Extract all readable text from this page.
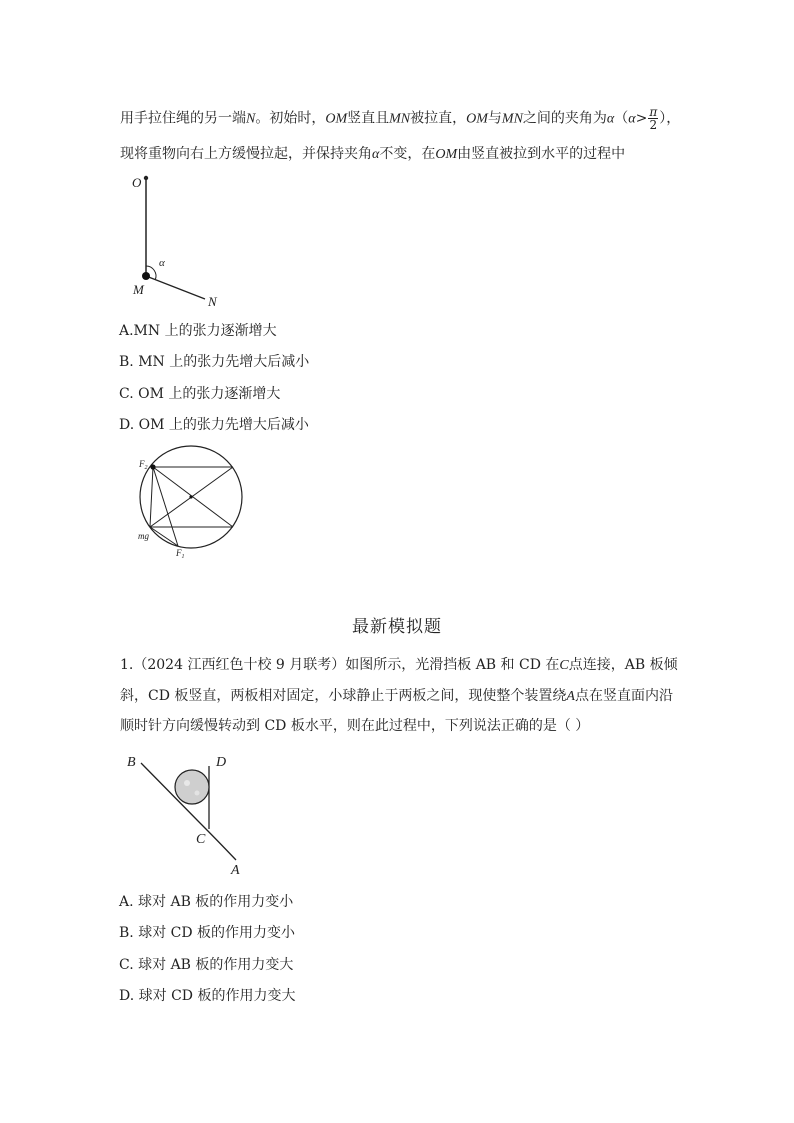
用手拉住绳的另一端N。初始时，OM竖直且MN被拉直，OM与MN之间的夹角为$\alpha(\alpha> \frac{\pi}{2}$ ），
现将重物向右上方缓慢拉起，并保持夹角α不变，在OM由竖直被拉到水平的过程中
O
M
N
α
A.MN 上的张力逐渐增大
B. MN 上的张力先增大后减小
C. OM 上的张力逐渐增大
D. OM 上的张力先增大后减小
$F_2$
$F_1$
mg
最新模拟题
1.（2024 江西红色十校 9 月联考）如图所示，光滑挡板 AB 和 CD 在C点连接，AB 板倾
斜，CD 板竖直，两板相对固定，小球静止于两板之间，现使整个装置绕A点在竖直面内沿
顺时针方向缓慢转动到 CD 板水平，则在此过程中，下列说法正确的是（ ）
B	D
C
A
A. 球对 AB 板的作用力变小
B. 球对 CD 板的作用力变小
C. 球对 AB 板的作用力变大
D. 球对 CD 板的作用力变大
